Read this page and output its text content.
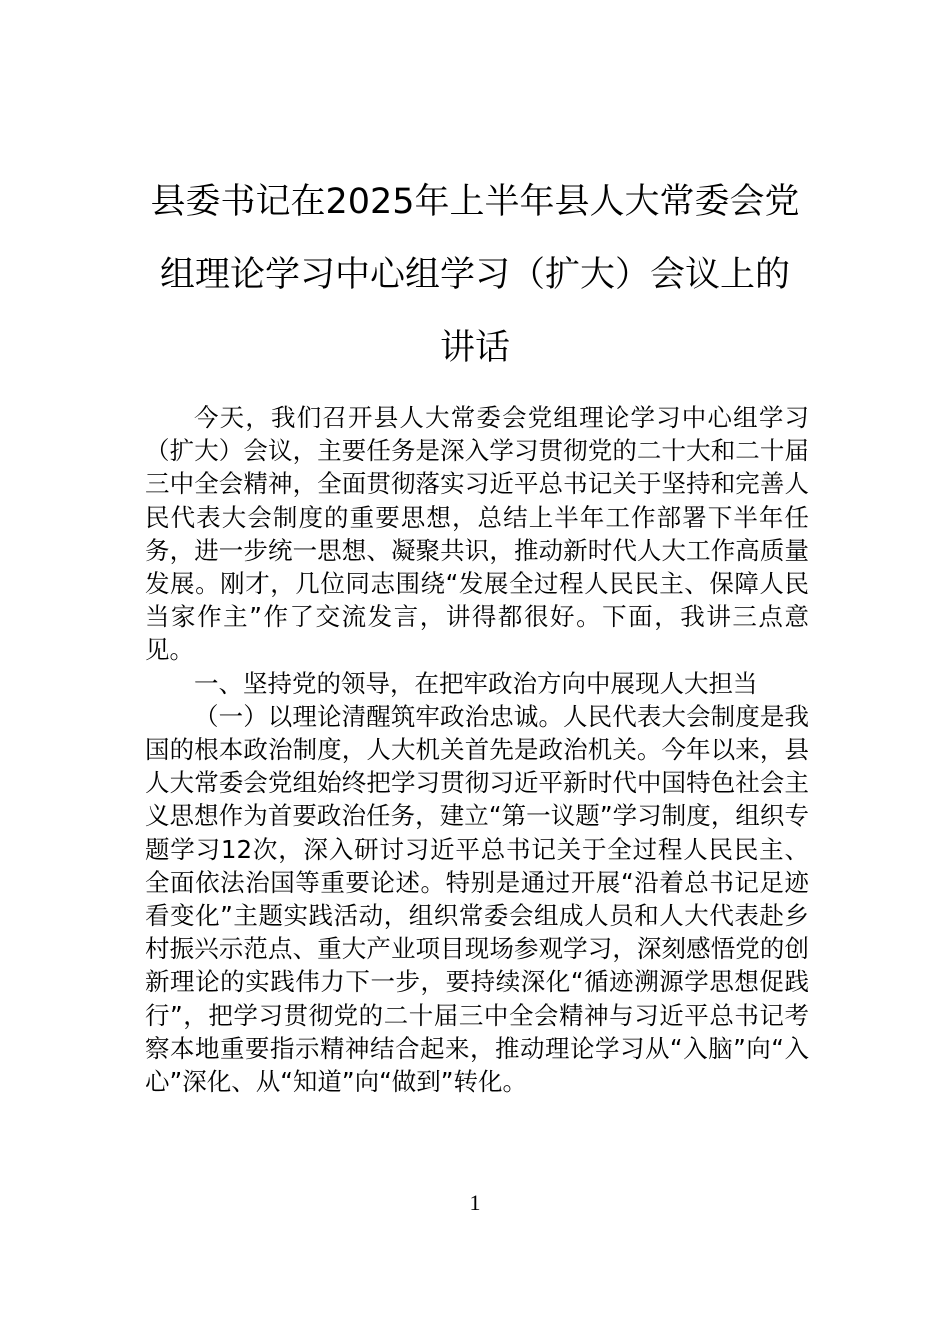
县委书记在2025年上半年县人大常委会党
组理论学习中心组学习（扩大）会议上的
讲话

今天，我们召开县人大常委会党组理论学习中心组学习（扩大）会议，主要任务是深入学习贯彻党的二十大和二十届三中全会精神，全面贯彻落实习近平总书记关于坚持和完善人民代表大会制度的重要思想，总结上半年工作部署下半年任务，进一步统一思想、凝聚共识，推动新时代人大工作高质量发展。刚才，几位同志围绕“发展全过程人民民主、保障人民当家作主”作了交流发言，讲得都很好。下面，我讲三点意见。

一、坚持党的领导，在把牢政治方向中展现人大担当

（一）以理论清醒筑牢政治忠诚。人民代表大会制度是我国的根本政治制度，人大机关首先是政治机关。今年以来，县人大常委会党组始终把学习贯彻习近平新时代中国特色社会主义思想作为首要政治任务，建立“第一议题”学习制度，组织专题学习12次，深入研讨习近平总书记关于全过程人民民主、全面依法治国等重要论述。特别是通过开展“沿着总书记足迹看变化”主题实践活动，组织常委会组成人员和人大代表赴乡村振兴示范点、重大产业项目现场参观学习，深刻感悟党的创新理论的实践伟力下一步，要持续深化“循迹溯源学思想促践行”，把学习贯彻党的二十届三中全会精神与习近平总书记考察本地重要指示精神结合起来，推动理论学习从“入脑”向“入心”深化、从“知道”向“做到”转化。

1
